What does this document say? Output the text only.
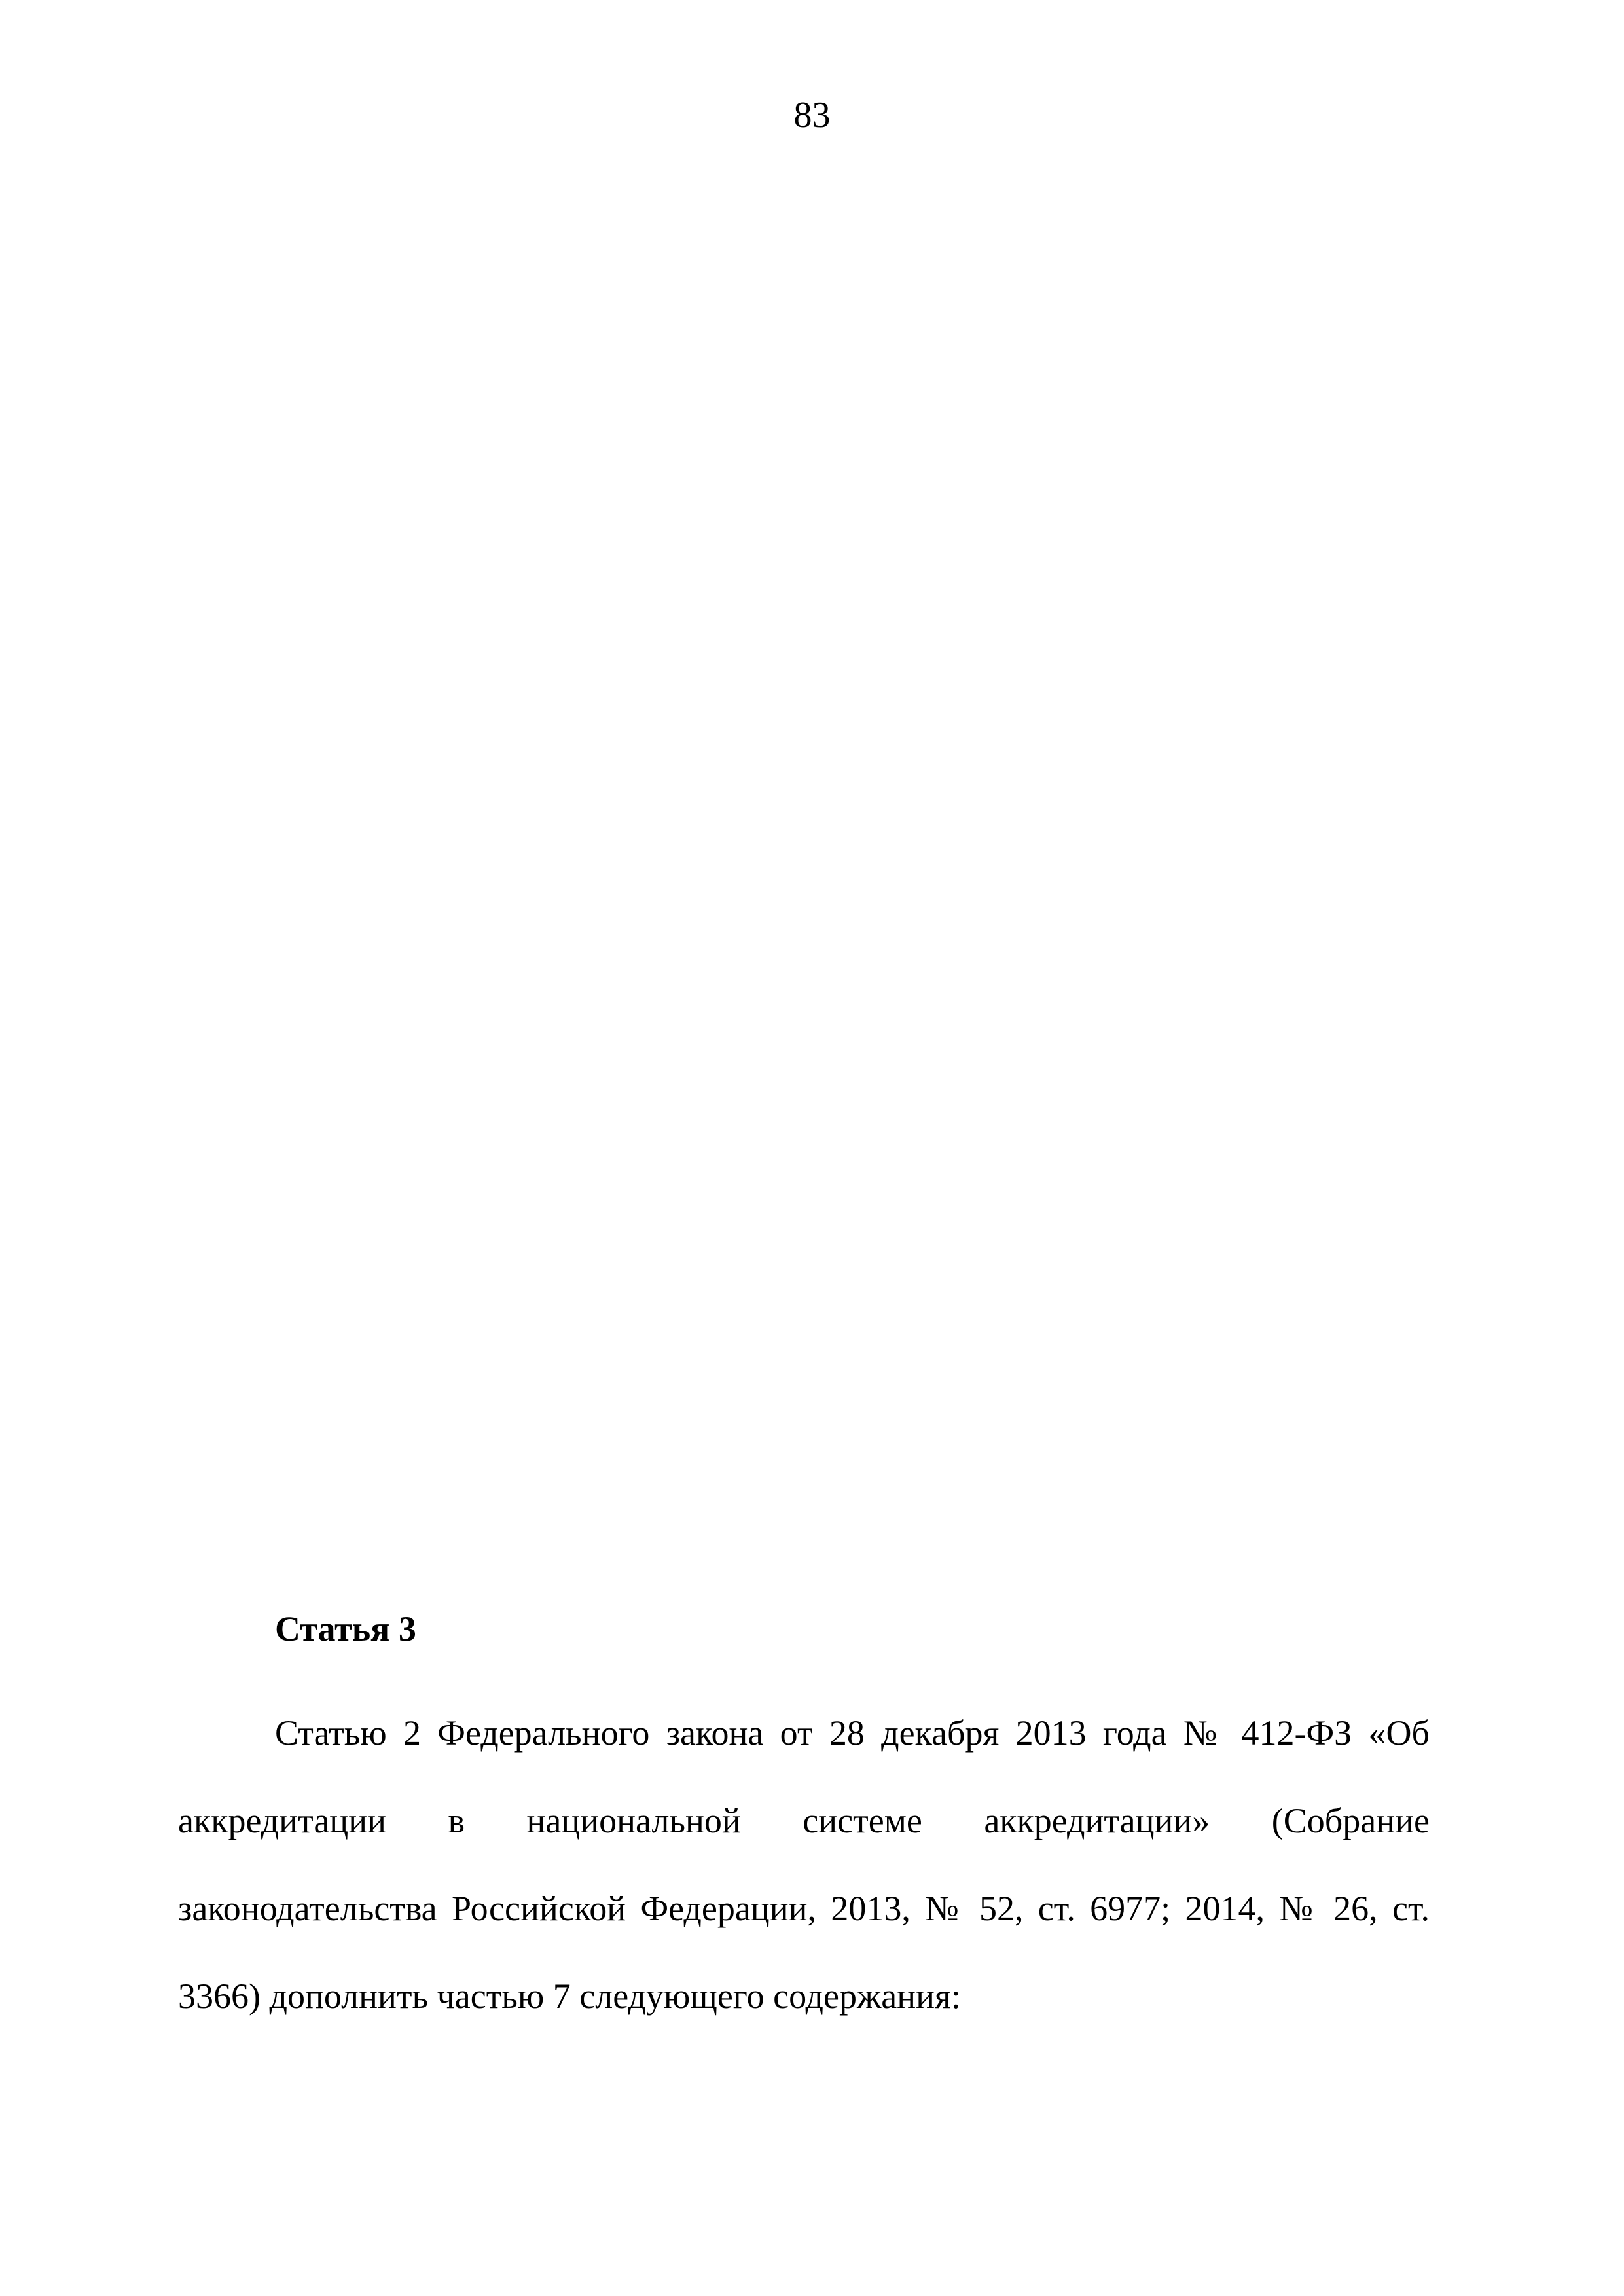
83
Статья 3

Статью 2 Федерального закона от 28 декабря 2013 года № 412-ФЗ «Об аккредитации в национальной системе аккредитации» (Собрание законодательства Российской Федерации, 2013, № 52, ст. 6977; 2014, № 26, ст. 3366) дополнить частью 7 следующего содержания:
